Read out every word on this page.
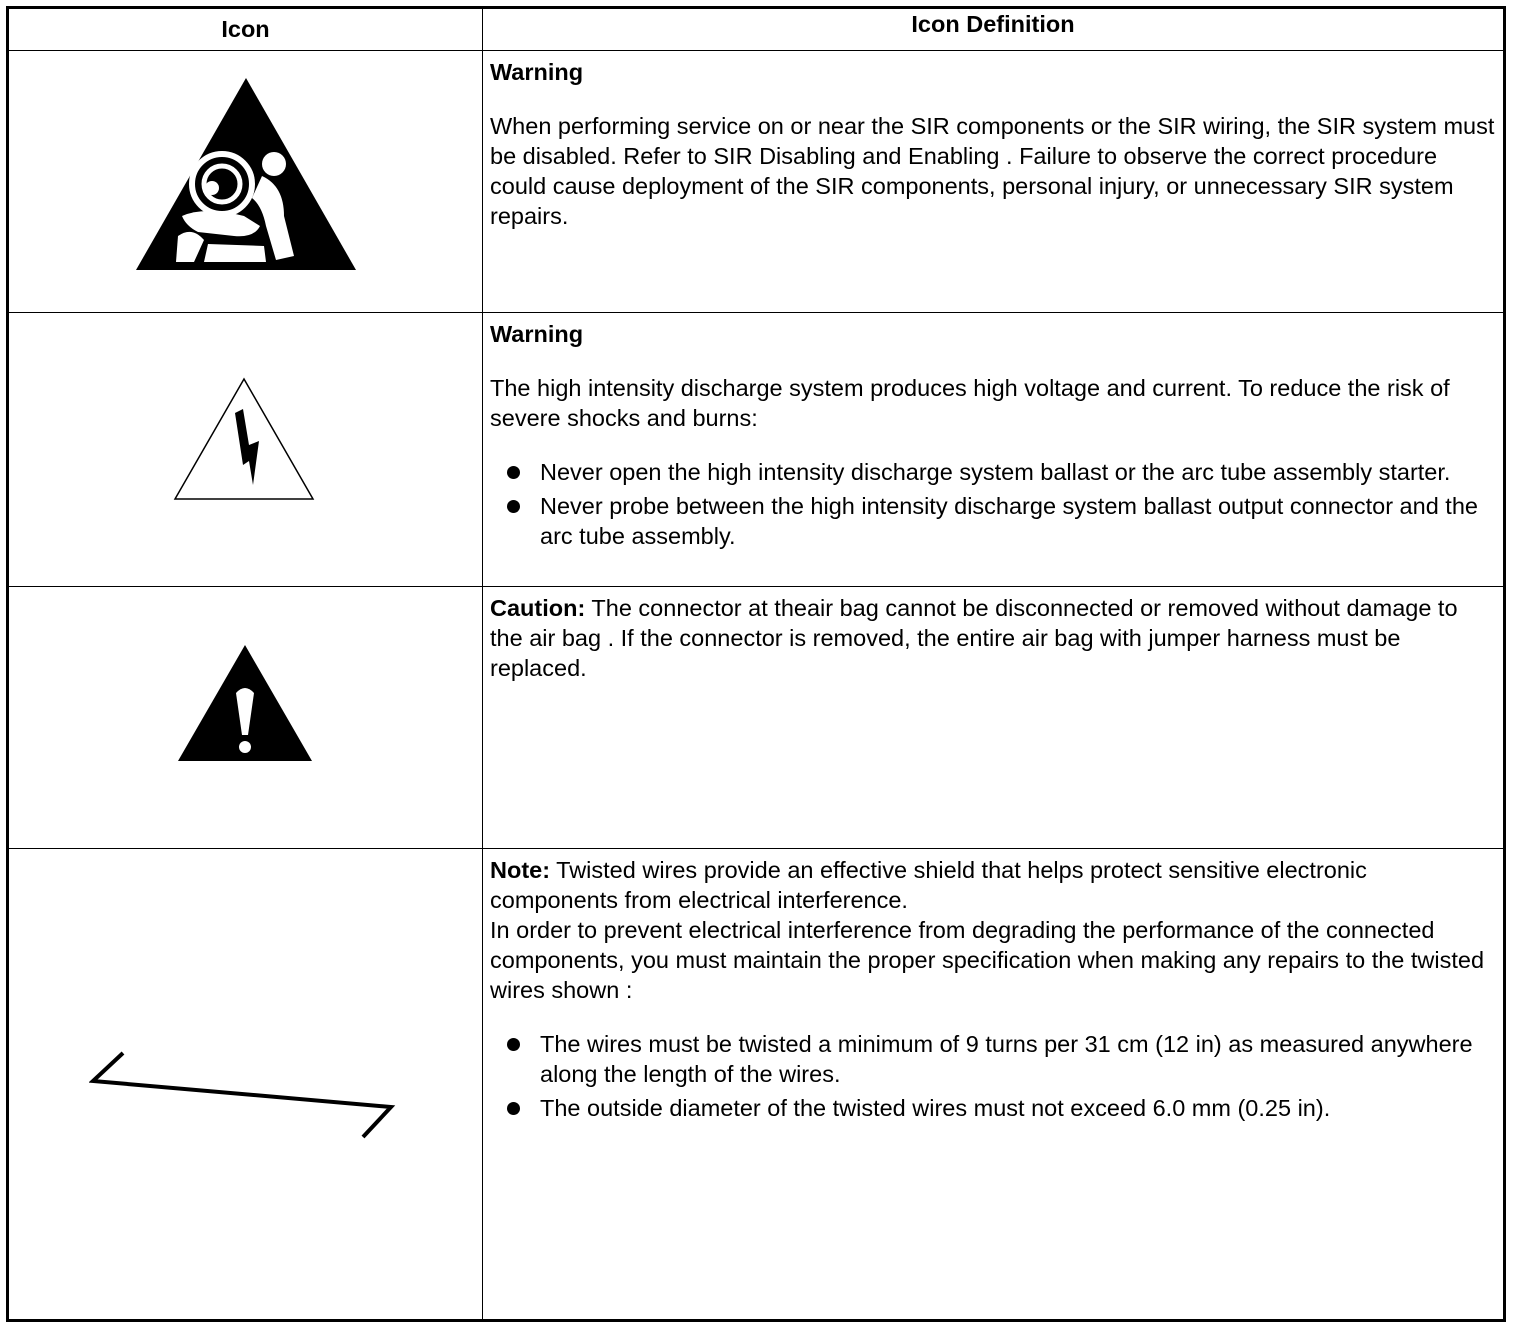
Icon	Icon Definition

Warning

When performing service on or near the SIR components or the SIR wiring, the SIR system must be disabled. Refer to SIR Disabling and Enabling . Failure to observe the correct procedure could cause deployment of the SIR components, personal injury, or unnecessary SIR system repairs.

Warning

The high intensity discharge system produces high voltage and current. To reduce the risk of severe shocks and burns:

Never open the high intensity discharge system ballast or the arc tube assembly starter.
Never probe between the high intensity discharge system ballast output connector and the arc tube assembly.

Caution: The connector at theair bag cannot be disconnected or removed without damage to the air bag . If the connector is removed, the entire air bag with jumper harness must be replaced.

Note: Twisted wires provide an effective shield that helps protect sensitive electronic components from electrical interference.

In order to prevent electrical interference from degrading the performance of the connected components, you must maintain the proper specification when making any repairs to the twisted wires shown :

The wires must be twisted a minimum of 9 turns per 31 cm (12 in) as measured anywhere along the length of the wires.
The outside diameter of the twisted wires must not exceed 6.0 mm (0.25 in).
